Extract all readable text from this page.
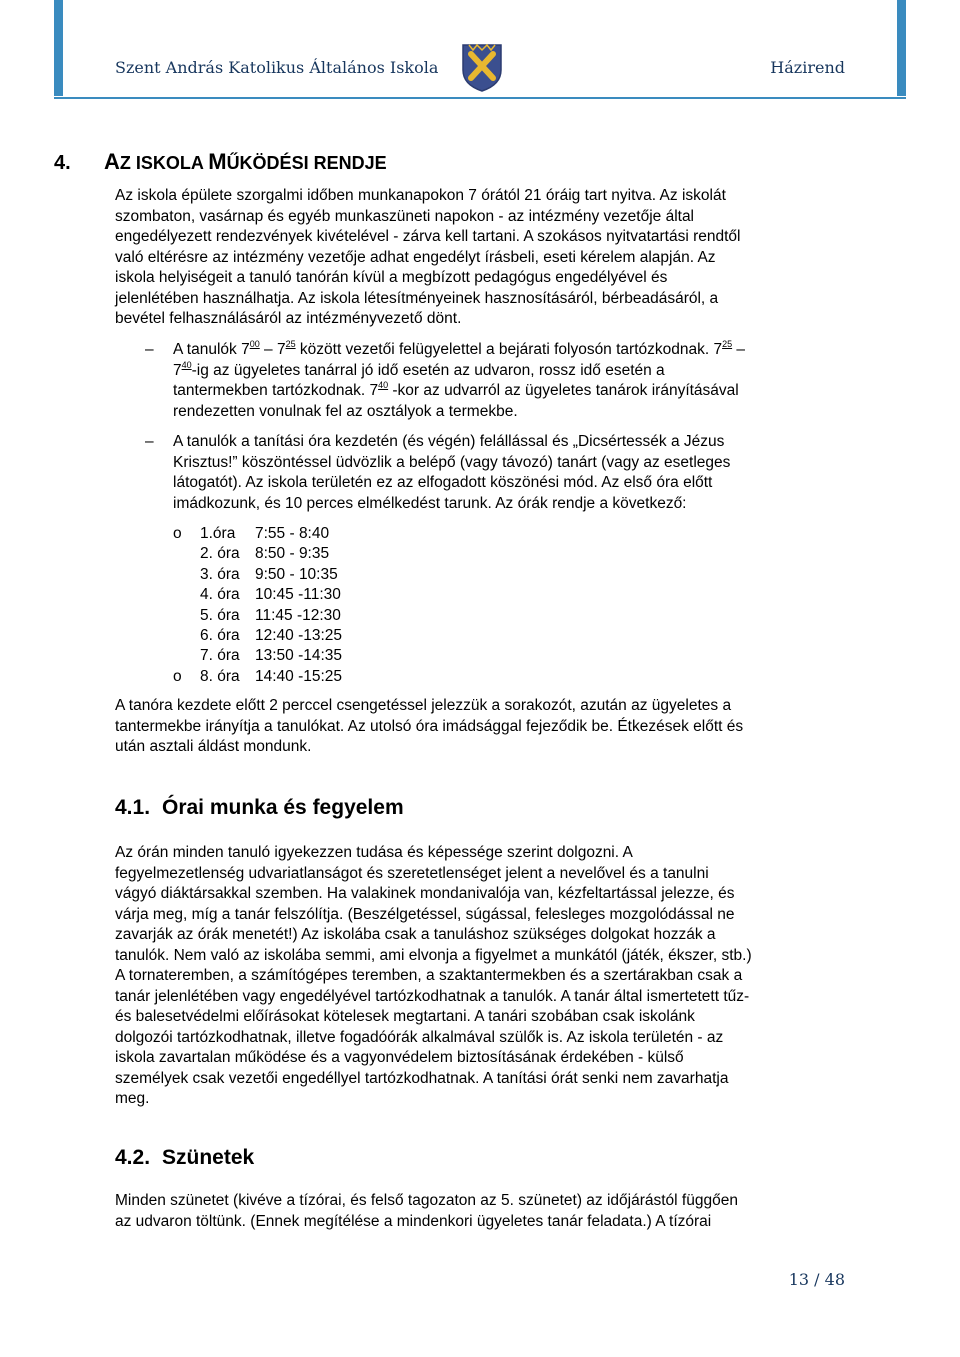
Szent András Katolikus Általános Iskola	Házirend
4. AZ ISKOLA MŰKÖDÉSI RENDJE
Az iskola épülete szorgalmi időben munkanapokon 7 órától 21 óráig tart nyitva. Az iskolát
szombaton, vasárnap és egyéb munkaszüneti napokon - az intézmény vezetője által
engedélyezett rendezvények kivételével - zárva kell tartani. A szokásos nyitvatartási rendtől
való eltérésre az intézmény vezetője adhat engedélyt írásbeli, eseti kérelem alapján. Az
iskola helyiségeit a tanuló tanórán kívül a megbízott pedagógus engedélyével és
jelenlétében használhatja. Az iskola létesítményeinek hasznosításáról, bérbeadásáról, a
bevétel felhasználásáról az intézményvezető dönt.
– A tanulók $7^{00} - 7^{25}$ között vezetői felügyelettel a bejárati folyosón tartózkodnak. $7^{25}$ –
$7^{40}-ig$ az ügyeletes tanárral jó idő esetén az udvaron, rossz idő esetén a
tantermekben tartózkodnak. $7^{40}$ -kor az udvarról az ügyeletes tanárok irányításával
rendezetten vonulnak fel az osztályok a termekbe.
– A tanulók a tanítási óra kezdetén (és végén) felállással és „Dicsértessék a Jézus
Krisztus!” köszöntéssel üdvözlik a belépő (vagy távozó) tanárt (vagy az esetleges
látogatót). Az iskola területén ez az elfogadott köszönési mód. Az első óra előtt
imádkozunk, és 10 perces elmélkedést tarunk. Az órák rendje a következő:
o 1.óra 7:55 - 8:40
2. óra 8:50 - 9:35
3. óra 9:50 - 10:35
4. óra 10:45 -11:30
5. óra 11:45 -12:30
6. óra 12:40 -13:25
7. óra 13:50 -14:35
o 8. óra 14:40 -15:25
A tanóra kezdete előtt 2 perccel csengetéssel jelezzük a sorakozót, azután az ügyeletes a
tantermekbe irányítja a tanulókat. Az utolsó óra imádsággal fejeződik be. Étkezések előtt és
után asztali áldást mondunk.
4.1. Órai munka és fegyelem
Az órán minden tanuló igyekezzen tudása és képessége szerint dolgozni. A
fegyelmezetlenség udvariatlanságot és szeretetlenséget jelent a nevelővel és a tanulni
vágyó diáktársakkal szemben. Ha valakinek mondanivalója van, kézfeltartással jelezze, és
várja meg, míg a tanár felszólítja. (Beszélgetéssel, súgással, felesleges mozgolódással ne
zavarják az órák menetét!) Az iskolába csak a tanuláshoz szükséges dolgokat hozzák a
tanulók. Nem való az iskolába semmi, ami elvonja a figyelmet a munkától (játék, ékszer, stb.)
A tornateremben, a számítógépes teremben, a szaktantermekben és a szertárakban csak a
tanár jelenlétében vagy engedélyével tartózkodhatnak a tanulók. A tanár által ismertetett tűz-
és balesetvédelmi előírásokat kötelesek megtartani. A tanári szobában csak iskolánk
dolgozói tartózkodhatnak, illetve fogadóórák alkalmával szülők is. Az iskola területén - az
iskola zavartalan működése és a vagyonvédelem biztosításának érdekében - külső
személyek csak vezetői engedéllyel tartózkodhatnak. A tanítási órát senki nem zavarhatja
meg.
4.2. Szünetek
Minden szünetet (kivéve a tízórai, és felső tagozaton az 5. szünetet) az időjárástól függően
az udvaron töltünk. (Ennek megítélése a mindenkori ügyeletes tanár feladata.) A tízórai
13 / 48
